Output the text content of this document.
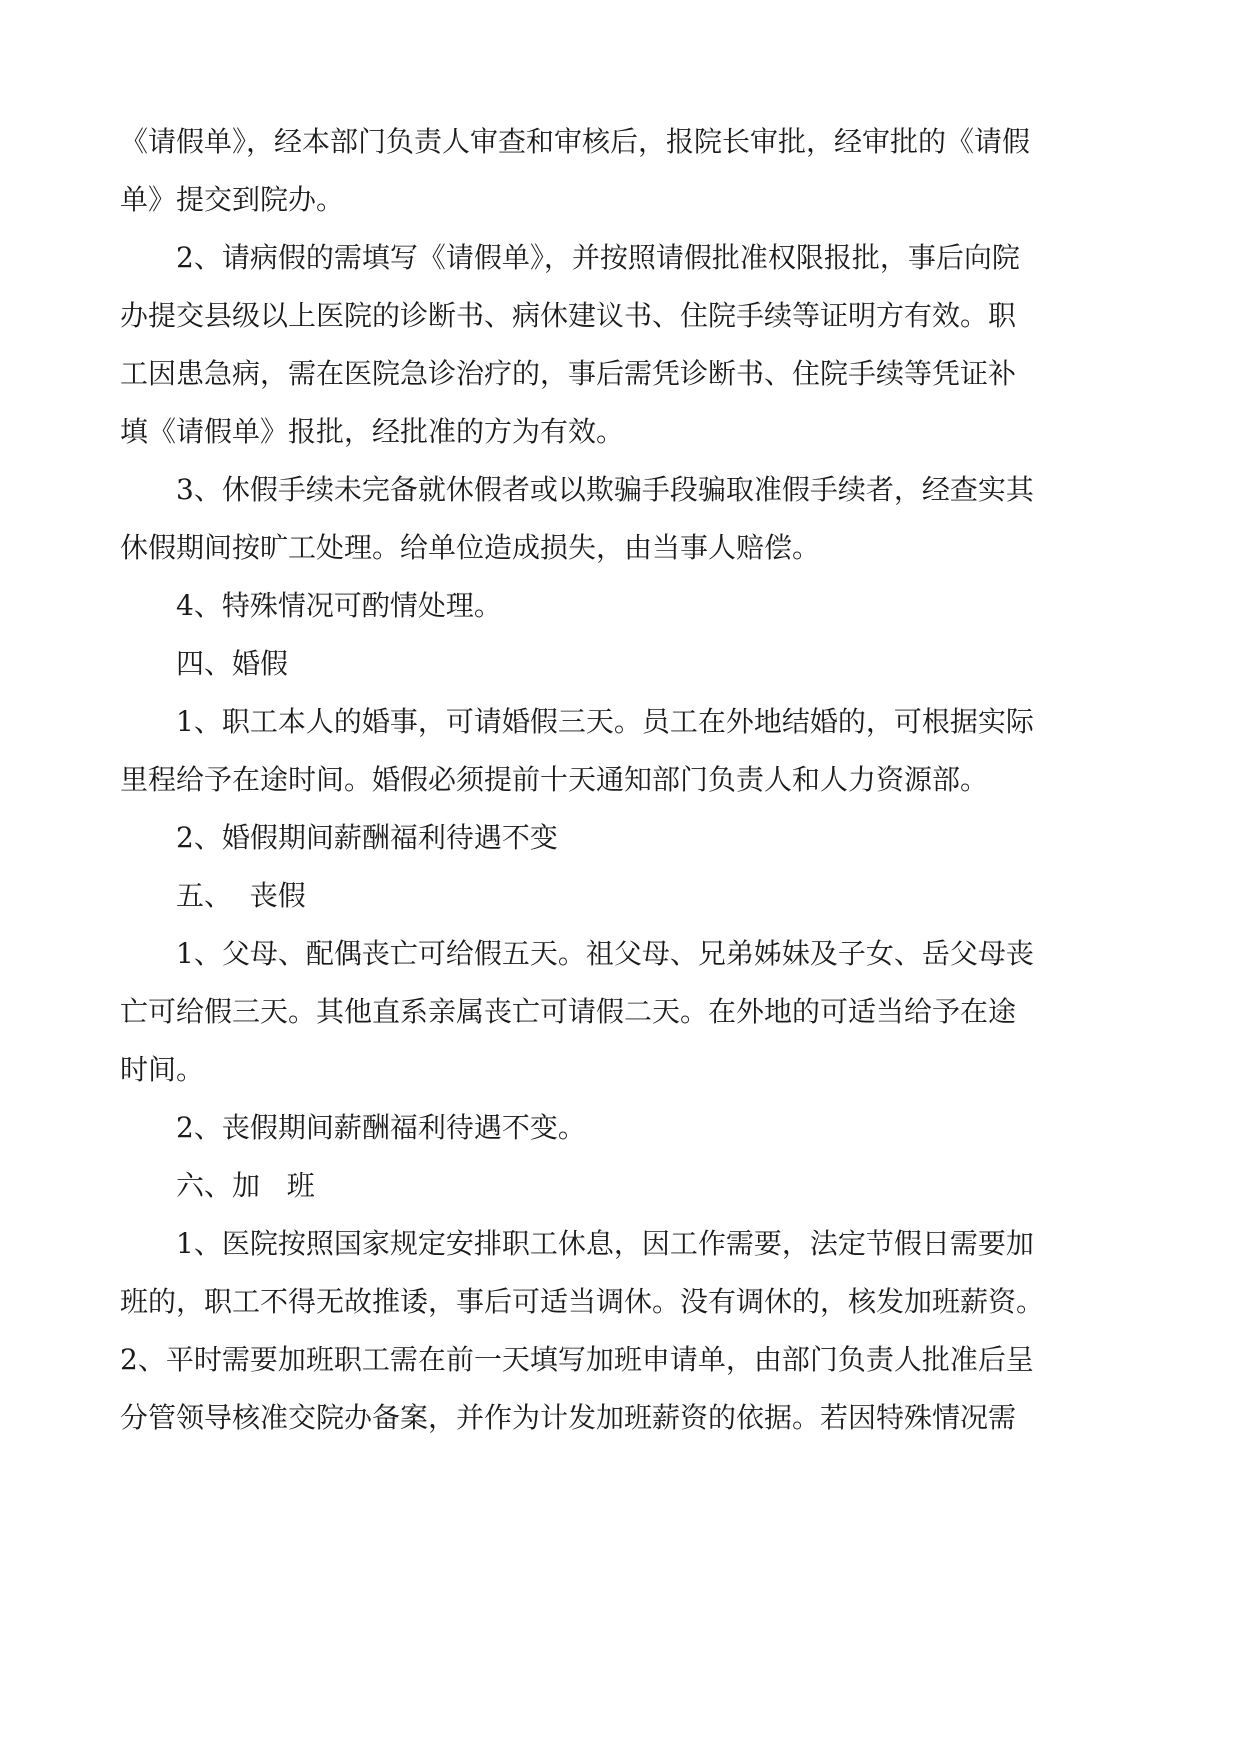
《请假单》，经本部门负责人审查和审核后，报院长审批，经审批的《请假
单》提交到院办。
2、请病假的需填写《请假单》，并按照请假批准权限报批，事后向院
办提交县级以上医院的诊断书、病休建议书、住院手续等证明方有效。职
工因患急病，需在医院急诊治疗的，事后需凭诊断书、住院手续等凭证补
填《请假单》报批，经批准的方为有效。
3、休假手续未完备就休假者或以欺骗手段骗取准假手续者，经查实其
休假期间按旷工处理。给单位造成损失，由当事人赔偿。
4、特殊情况可酌情处理。
四、婚假
1、职工本人的婚事，可请婚假三天。员工在外地结婚的，可根据实际
里程给予在途时间。婚假必须提前十天通知部门负责人和人力资源部。
2、婚假期间薪酬福利待遇不变
五、  丧假
1、父母、配偶丧亡可给假五天。祖父母、兄弟姊妹及子女、岳父母丧
亡可给假三天。其他直系亲属丧亡可请假二天。在外地的可适当给予在途
时间。
2、丧假期间薪酬福利待遇不变。
六、加   班
1、医院按照国家规定安排职工休息，因工作需要，法定节假日需要加
班的，职工不得无故推诿，事后可适当调休。没有调休的，核发加班薪资。
2、平时需要加班职工需在前一天填写加班申请单，由部门负责人批准后呈
分管领导核准交院办备案，并作为计发加班薪资的依据。若因特殊情况需
